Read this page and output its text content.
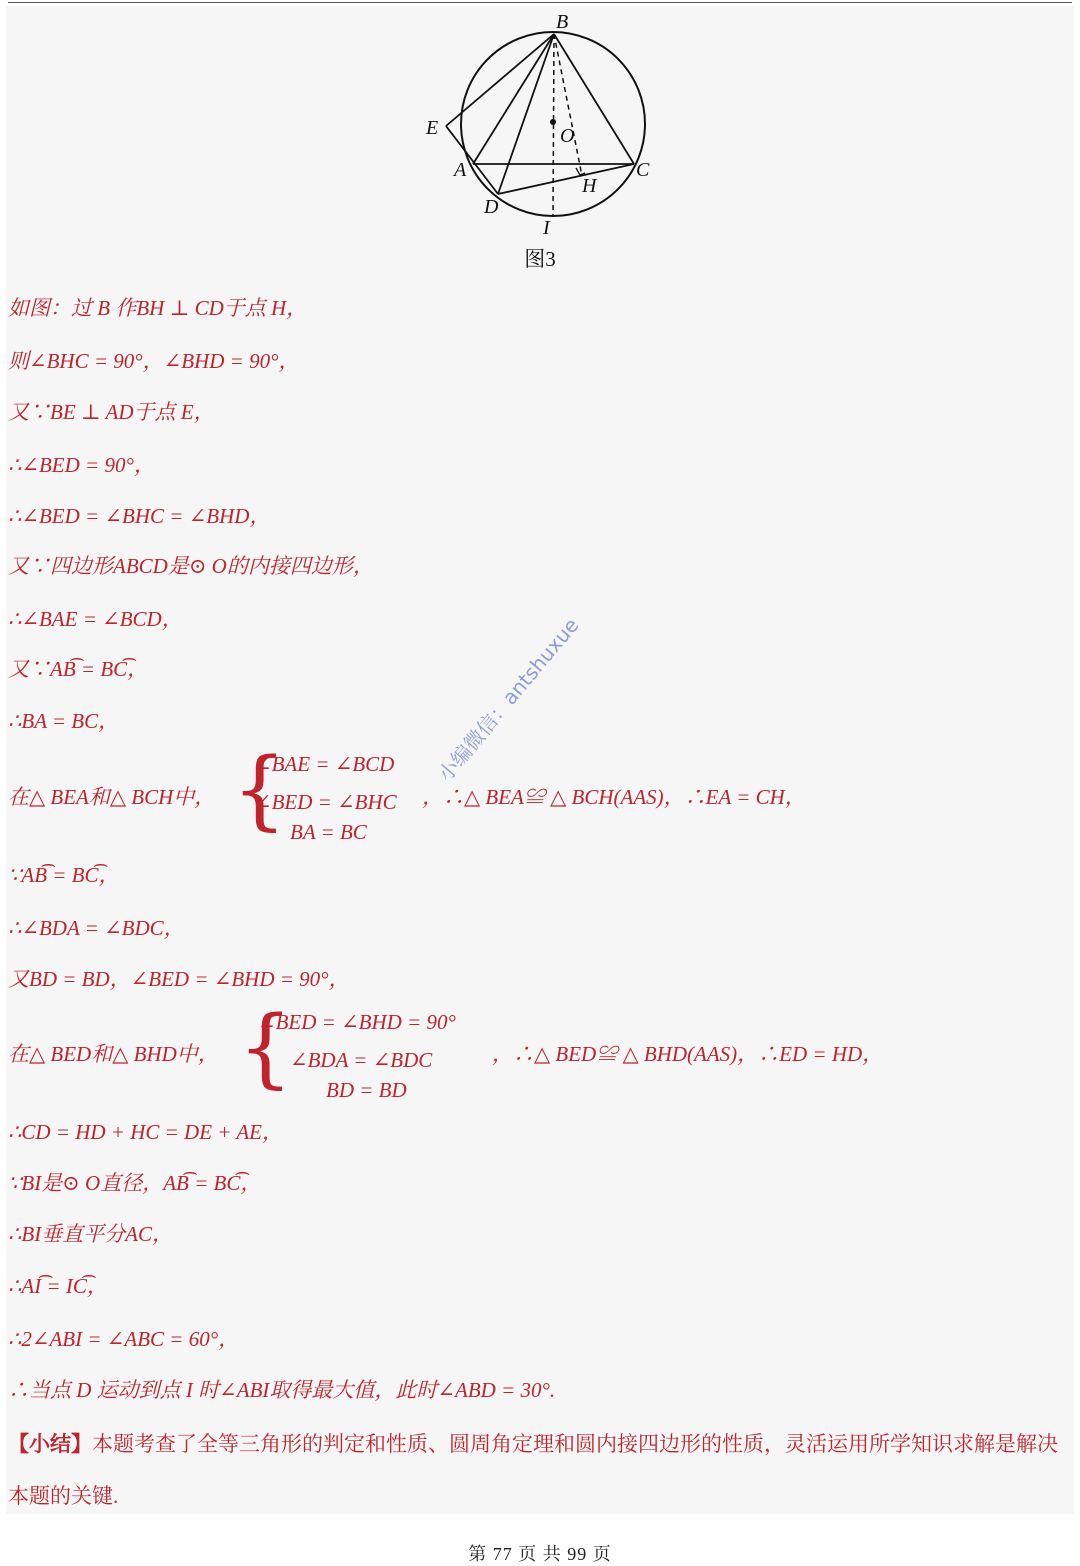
B
E
A
O
C
H
D
I
图3
如图：过 B 作BH ⊥ CD于点 H，
则∠BHC = 90°，∠BHD = 90°，
又∵BE ⊥ AD于点 E，
∴∠BED = 90°，
∴∠BED = ∠BHC = ∠BHD，
又∵四边形ABCD是⊙ O的内接四边形，
∴∠BAE = ∠BCD，
又∵AB͡ = BC͡，
∴BA = BC，
在△ BEA和△ BCH中， {
∠BAE = ∠BCD
∠BED = ∠BHC
BA = BC
，∴△ BEA≌ △ BCH(AAS)，∴EA = CH，
∵AB͡ = BC͡，
∴∠BDA = ∠BDC，
又BD = BD，∠BED = ∠BHD = 90°，
在△ BED和△ BHD中， {
∠BED = ∠BHD = 90°
∠BDA = ∠BDC
BD = BD
，∴△ BED≌ △ BHD(AAS)，∴ED = HD，
∴CD = HD + HC = DE + AE，
∵BI是⊙ O直径，AB͡ = BC͡，
∴BI垂直平分AC，
∴AI͡ = IC͡，
∴2∠ABI = ∠ABC = 60°，
∴当点 D 运动到点 I 时∠ABI取得最大值，此时∠ABD = 30°.
【小结】本题考查了全等三角形的判定和性质、圆周角定理和圆内接四边形的性质，灵活运用所学知识求解是解决本题的关键.
小编微信：antshuxue
第 77 页 共 99 页
